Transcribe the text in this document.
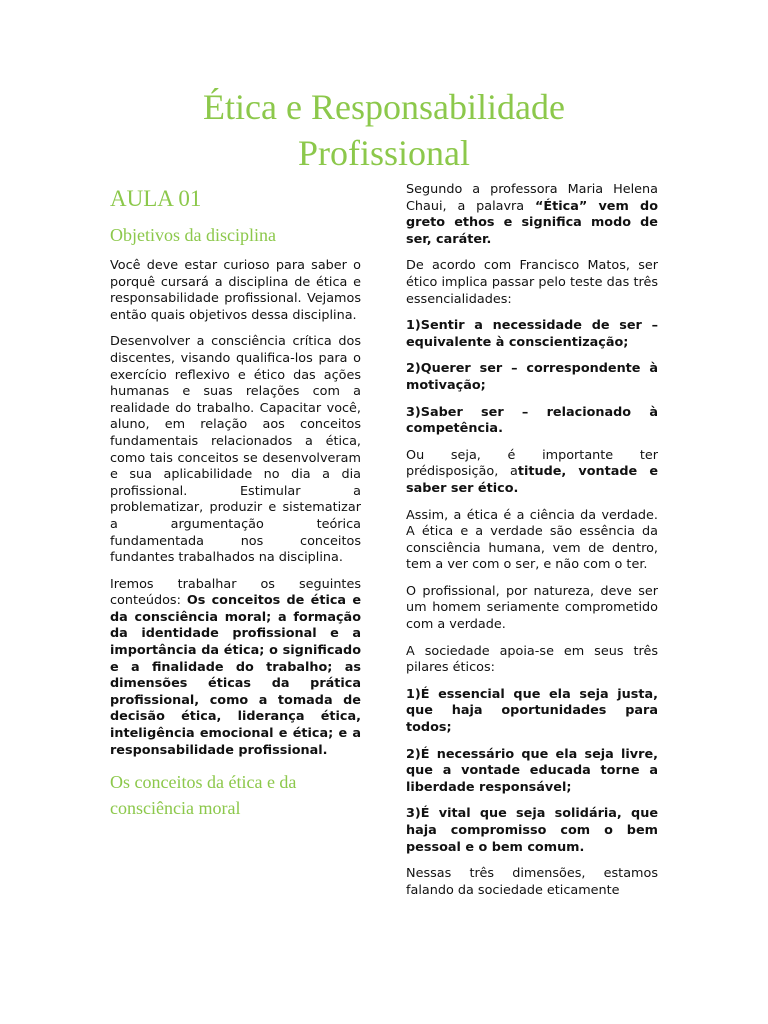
Ética e Responsabilidade
Profissional
AULA 01
Objetivos da disciplina

Você deve estar curioso para saber o porquê cursará a disciplina de ética e responsabilidade profissional. Vejamos então quais objetivos dessa disciplina.

Desenvolver a consciência crítica dos discentes, visando qualifica-los para o exercício reflexivo e ético das ações humanas e suas relações com a realidade do trabalho. Capacitar você, aluno, em relação aos conceitos fundamentais relacionados a ética, como tais conceitos se desenvolveram e sua aplicabilidade no dia a dia profissional. Estimular a problematizar, produzir e sistematizar a argumentação teórica fundamentada nos conceitos fundantes trabalhados na disciplina.

Iremos trabalhar os seguintes conteúdos: Os conceitos de ética e da consciência moral; a formação da identidade profissional e a importância da ética; o significado e a finalidade do trabalho; as dimensões éticas da prática profissional, como a tomada de decisão ética, liderança ética, inteligência emocional e ética; e a responsabilidade profissional.

Os conceitos da ética e da consciência moral

Segundo a professora Maria Helena Chaui, a palavra “Ética” vem do greto ethos e significa modo de ser, caráter.

De acordo com Francisco Matos, ser ético implica passar pelo teste das três essencialidades:

1)Sentir a necessidade de ser – equivalente à conscientização;

2)Querer ser – correspondente à motivação;

3)Saber ser – relacionado à competência.

Ou seja, é importante ter prédisposição, atitude, vontade e saber ser ético.

Assim, a ética é a ciência da verdade. A ética e a verdade são essência da consciência humana, vem de dentro, tem a ver com o ser, e não com o ter.

O profissional, por natureza, deve ser um homem seriamente comprometido com a verdade.

A sociedade apoia-se em seus três pilares éticos:

1)É essencial que ela seja justa, que haja oportunidades para todos;

2)É necessário que ela seja livre, que a vontade educada torne a liberdade responsável;

3)É vital que seja solidária, que haja compromisso com o bem pessoal e o bem comum.

Nessas três dimensões, estamos falando da sociedade eticamente
